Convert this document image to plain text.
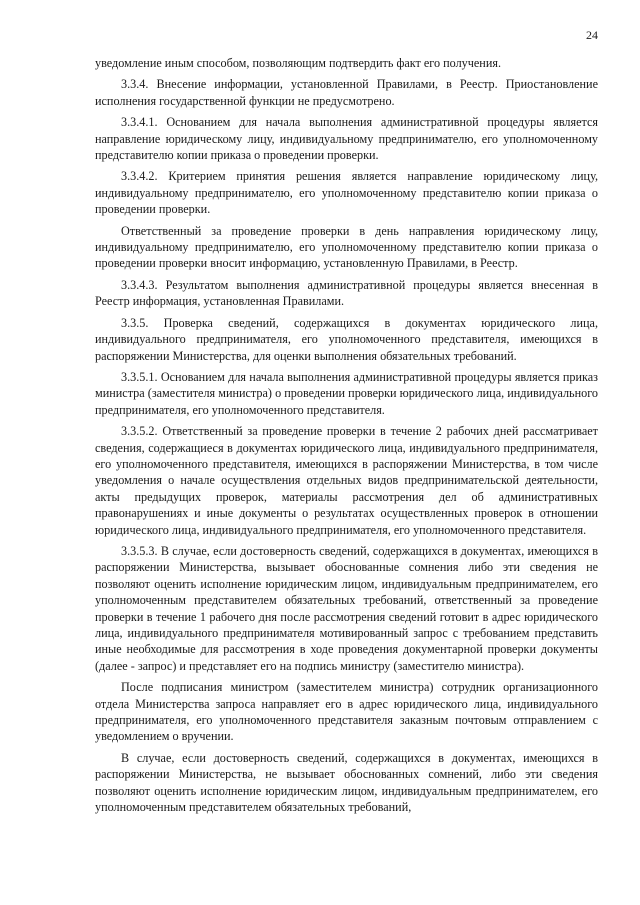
24

уведомление иным способом, позволяющим подтвердить факт его получения.

3.3.4. Внесение информации, установленной Правилами, в Реестр. Приостановление исполнения государственной функции не предусмотрено.

3.3.4.1. Основанием для начала выполнения административной процедуры является направление юридическому лицу, индивидуальному предпринимателю, его уполномоченному представителю копии приказа о проведении проверки.

3.3.4.2. Критерием принятия решения является направление юридическому лицу, индивидуальному предпринимателю, его уполномоченному представителю копии приказа о проведении проверки.

Ответственный за проведение проверки в день направления юридическому лицу, индивидуальному предпринимателю, его уполномоченному представителю копии приказа о проведении проверки вносит информацию, установленную Правилами, в Реестр.

3.3.4.3. Результатом выполнения административной процедуры является внесенная в Реестр информация, установленная Правилами.

3.3.5. Проверка сведений, содержащихся в документах юридического лица, индивидуального предпринимателя, его уполномоченного представителя, имеющихся в распоряжении Министерства, для оценки выполнения обязательных требований.

3.3.5.1. Основанием для начала выполнения административной процедуры является приказ министра (заместителя министра) о проведении проверки юридического лица, индивидуального предпринимателя, его уполномоченного представителя.

3.3.5.2. Ответственный за проведение проверки в течение 2 рабочих дней рассматривает сведения, содержащиеся в документах юридического лица, индивидуального предпринимателя, его уполномоченного представителя, имеющихся в распоряжении Министерства, в том числе уведомления о начале осуществления отдельных видов предпринимательской деятельности, акты предыдущих проверок, материалы рассмотрения дел об административных правонарушениях и иные документы о результатах осуществленных проверок в отношении юридического лица, индивидуального предпринимателя, его уполномоченного представителя.

3.3.5.3. В случае, если достоверность сведений, содержащихся в документах, имеющихся в распоряжении Министерства, вызывает обоснованные сомнения либо эти сведения не позволяют оценить исполнение юридическим лицом, индивидуальным предпринимателем, его уполномоченным представителем обязательных требований, ответственный за проведение проверки в течение 1 рабочего дня после рассмотрения сведений готовит в адрес юридического лица, индивидуального предпринимателя мотивированный запрос с требованием представить иные необходимые для рассмотрения в ходе проведения документарной проверки документы (далее - запрос) и представляет его на подпись министру (заместителю министра).

После подписания министром (заместителем министра) сотрудник организационного отдела Министерства запроса направляет его в адрес юридического лица, индивидуального предпринимателя, его уполномоченного представителя заказным почтовым отправлением с уведомлением о вручении.

В случае, если достоверность сведений, содержащихся в документах, имеющихся в распоряжении Министерства, не вызывает обоснованных сомнений, либо эти сведения позволяют оценить исполнение юридическим лицом, индивидуальным предпринимателем, его уполномоченным представителем обязательных требований,
